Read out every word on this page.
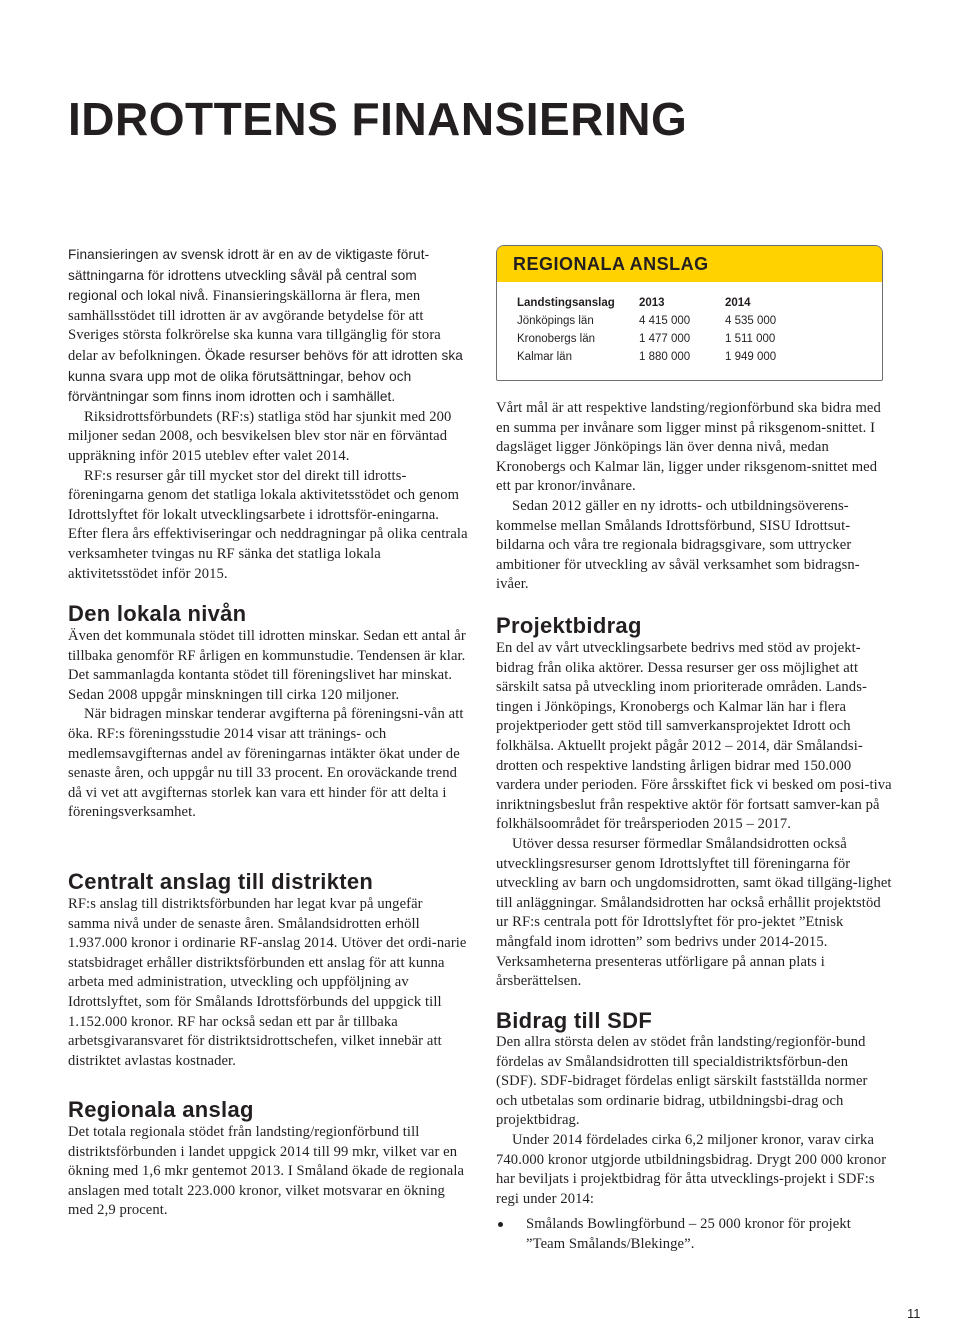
IDROTTENS FINANSIERING

Finansieringen av svensk idrott är en av de viktigaste förut-sättningarna för idrottens utveckling såväl på central som regional och lokal nivå. Finansieringskällorna är flera, men samhällsstödet till idrotten är av avgörande betydelse för att Sveriges största folkrörelse ska kunna vara tillgänglig för stora delar av befolkningen. Ökade resurser behövs för att idrotten ska kunna svara upp mot de olika förutsättningar, behov och förväntningar som finns inom idrotten och i samhället.

Riksidrottsförbundets (RF:s) statliga stöd har sjunkit med 200 miljoner sedan 2008, och besvikelsen blev stor när en förväntad uppräkning inför 2015 uteblev efter valet 2014.

RF:s resurser går till mycket stor del direkt till idrotts-föreningarna genom det statliga lokala aktivitetsstödet och genom Idrottslyftet för lokalt utvecklingsarbete i idrottsför-eningarna. Efter flera års effektiviseringar och neddragningar på olika centrala verksamheter tvingas nu RF sänka det statliga lokala aktivitetsstödet inför 2015.

Den lokala nivån

Även det kommunala stödet till idrotten minskar. Sedan ett antal år tillbaka genomför RF årligen en kommunstudie. Tendensen är klar. Det sammanlagda kontanta stödet till föreningslivet har minskat. Sedan 2008 uppgår minskningen till cirka 120 miljoner.

När bidragen minskar tenderar avgifterna på föreningsni-vån att öka. RF:s föreningsstudie 2014 visar att tränings- och medlemsavgifternas andel av föreningarnas intäkter ökat under de senaste åren, och uppgår nu till 33 procent. En oroväckande trend då vi vet att avgifternas storlek kan vara ett hinder för att delta i föreningsverksamhet.

Centralt anslag till distrikten

RF:s anslag till distriktsförbunden har legat kvar på ungefär samma nivå under de senaste åren. Smålandsidrotten erhöll 1.937.000 kronor i ordinarie RF-anslag 2014. Utöver det ordi-narie statsbidraget erhåller distriktsförbunden ett anslag för att kunna arbeta med administration, utveckling och uppföljning av Idrottslyftet, som för Smålands Idrottsförbunds del uppgick till 1.152.000 kronor. RF har också sedan ett par år tillbaka arbetsgivaransvaret för distriktsidrottschefen, vilket innebär att distriktet avlastas kostnader.

Regionala anslag

Det totala regionala stödet från landsting/regionförbund till distriktsförbunden i landet uppgick 2014 till 99 mkr, vilket var en ökning med 1,6 mkr gentemot 2013. I Småland ökade de regionala anslagen med totalt 223.000 kronor, vilket motsvarar en ökning med 2,9 procent.

REGIONALA ANSLAG
Landstingsanslag	2013	2014
Jönköpings län	4 415 000	4 535 000
Kronobergs län	1 477 000	1 511 000
Kalmar län	1 880 000	1 949 000

Vårt mål är att respektive landsting/regionförbund ska bidra med en summa per invånare som ligger minst på riksgenom-snittet. I dagsläget ligger Jönköpings län över denna nivå, medan Kronobergs och Kalmar län, ligger under riksgenom-snittet med ett par kronor/invånare.

Sedan 2012 gäller en ny idrotts- och utbildningsöverens-kommelse mellan Smålands Idrottsförbund, SISU Idrottsut-bildarna och våra tre regionala bidragsgivare, som uttrycker ambitioner för utveckling av såväl verksamhet som bidragsn-ivåer.

Projektbidrag

En del av vårt utvecklingsarbete bedrivs med stöd av projekt-bidrag från olika aktörer. Dessa resurser ger oss möjlighet att särskilt satsa på utveckling inom prioriterade områden. Lands-tingen i Jönköpings, Kronobergs och Kalmar län har i flera projektperioder gett stöd till samverkansprojektet Idrott och folkhälsa. Aktuellt projekt pågår 2012 – 2014, där Smålandsi-drotten och respektive landsting årligen bidrar med 150.000 vardera under perioden. Före årsskiftet fick vi besked om posi-tiva inriktningsbeslut från respektive aktör för fortsatt samver-kan på folkhälsoområdet för treårsperioden 2015 – 2017.

Utöver dessa resurser förmedlar Smålandsidrotten också utvecklingsresurser genom Idrottslyftet till föreningarna för utveckling av barn och ungdomsidrotten, samt ökad tillgäng-lighet till anläggningar. Smålandsidrotten har också erhållit projektstöd ur RF:s centrala pott för Idrottslyftet för pro-jektet ”Etnisk mångfald inom idrotten” som bedrivs under 2014-2015. Verksamheterna presenteras utförligare på annan plats i årsberättelsen.

Bidrag till SDF

Den allra största delen av stödet från landsting/regionför-bund fördelas av Smålandsidrotten till specialdistriktsförbun-den (SDF). SDF-bidraget fördelas enligt särskilt fastställda normer och utbetalas som ordinarie bidrag, utbildningsbi-drag och projektbidrag.

Under 2014 fördelades cirka 6,2 miljoner kronor, varav cirka 740.000 kronor utgjorde utbildningsbidrag. Drygt 200 000 kronor har beviljats i projektbidrag för åtta utvecklings-projekt i SDF:s regi under 2014:

Smålands Bowlingförbund – 25 000 kronor för projekt ”Team Smålands/Blekinge”.

11
